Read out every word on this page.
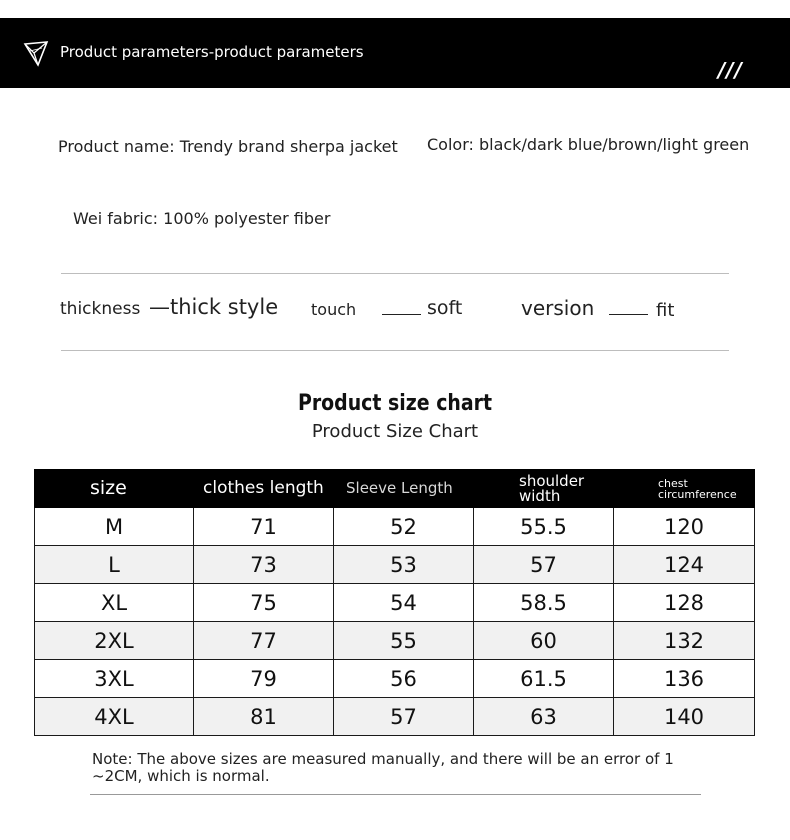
Product parameters-product parameters
///
Product name: Trendy brand sherpa jacket Color: black/dark blue/brown/light green
Wei fabric: 100% polyester fiber
thickness —thick style touch	soft	version	fit
Product size chart
Product Size Chart
size	clothes length	Sleeve Length	shoulder width	chest circumference
M	71	52	55.5	120
L	73	53	57	124
XL	75	54	58.5	128
2XL	77	55	60	132
3XL	79	56	61.5	136
4XL	81	57	63	140
Note: The above sizes are measured manually, and there will be an error of 1 ~2CM, which is normal.
